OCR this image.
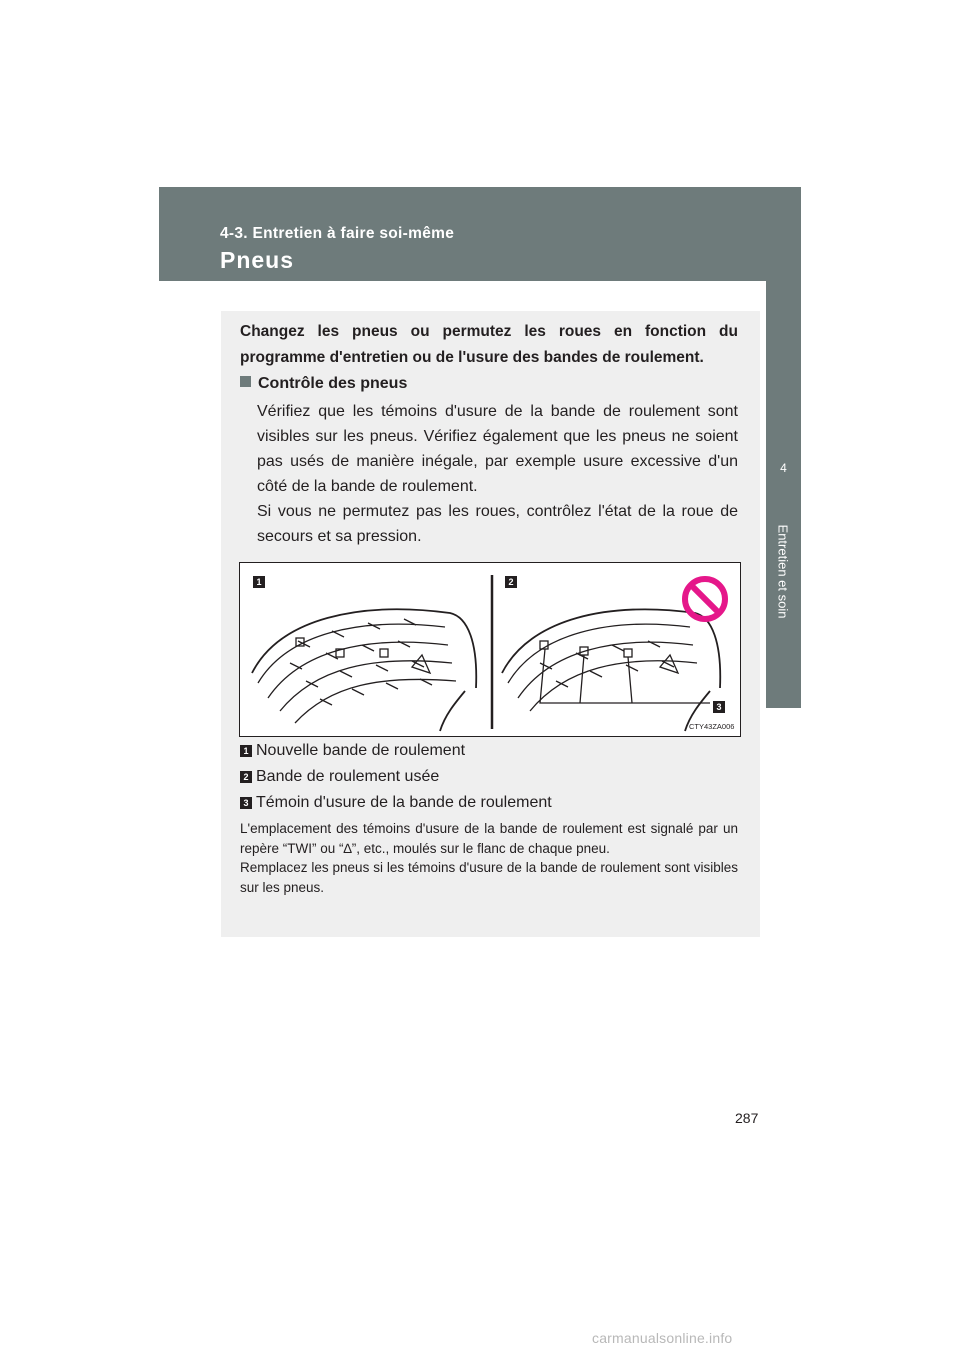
4-3. Entretien à faire soi-même
Pneus
4
Entretien et soin
Changez les pneus ou permutez les roues en fonction du programme d'entretien ou de l'usure des bandes de roulement.
Contrôle des pneus
Vérifiez que les témoins d'usure de la bande de roulement sont visibles sur les pneus. Vérifiez également que les pneus ne soient pas usés de manière inégale, par exemple usure excessive d'un côté de la bande de roulement.
Si vous ne permutez pas les roues, contrôlez l'état de la roue de secours et sa pression.
1	2
3
CTY43ZA006
1 Nouvelle bande de roulement
2 Bande de roulement usée
3 Témoin d'usure de la bande de roulement
L'emplacement des témoins d'usure de la bande de roulement est signalé par un repère “TWI” ou “∆”, etc., moulés sur le flanc de chaque pneu.
Remplacez les pneus si les témoins d'usure de la bande de roulement sont visibles sur les pneus.
287
carmanualsonline.info
